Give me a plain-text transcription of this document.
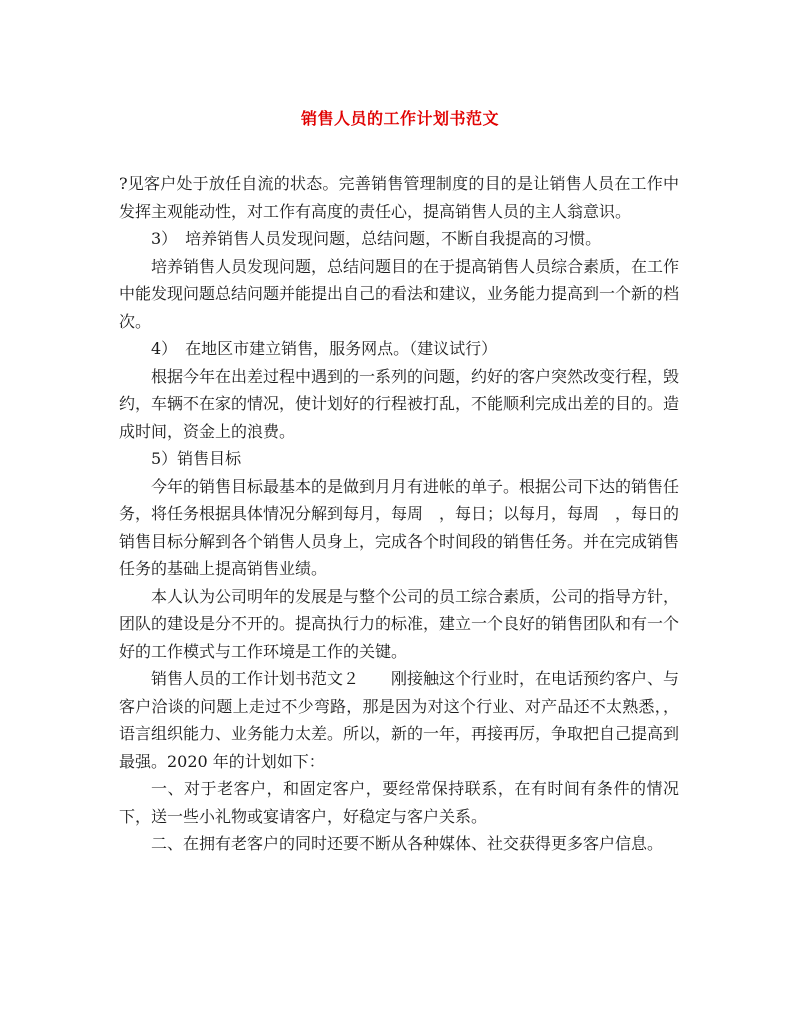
销售人员的工作计划书范文

?见客户处于放任自流的状态。完善销售管理制度的目的是让销售人员在工作中发挥主观能动性，对工作有高度的责任心，提高销售人员的主人翁意识。

3）　培养销售人员发现问题，总结问题，不断自我提高的习惯。

培养销售人员发现问题，总结问题目的在于提高销售人员综合素质，在工作中能发现问题总结问题并能提出自己的看法和建议，业务能力提高到一个新的档次。

4）　在地区市建立销售，服务网点。（建议试行）

根据今年在出差过程中遇到的一系列的问题，约好的客户突然改变行程，毁约，车辆不在家的情况，使计划好的行程被打乱，不能顺利完成出差的目的。造成时间，资金上的浪费。

5）销售目标

今年的销售目标最基本的是做到月月有进帐的单子。根据公司下达的销售任务，将任务根据具体情况分解到每月，每周　，每日；以每月，每周　，每日的销售目标分解到各个销售人员身上，完成各个时间段的销售任务。并在完成销售任务的基础上提高销售业绩。

本人认为公司明年的发展是与整个公司的员工综合素质，公司的指导方针，团队的建设是分不开的。提高执行力的标准，建立一个良好的销售团队和有一个好的工作模式与工作环境是工作的关键。

销售人员的工作计划书范文２　　刚接触这个行业时，在电话预约客户、与客户洽谈的问题上走过不少弯路，那是因为对这个行业、对产品还不太熟悉，，语言组织能力、业务能力太差。所以，新的一年，再接再厉，争取把自己提高到最强。2020 年的计划如下：

一、对于老客户，和固定客户，要经常保持联系，在有时间有条件的情况下，送一些小礼物或宴请客户，好稳定与客户关系。

二、在拥有老客户的同时还要不断从各种媒体、社交获得更多客户信息。
